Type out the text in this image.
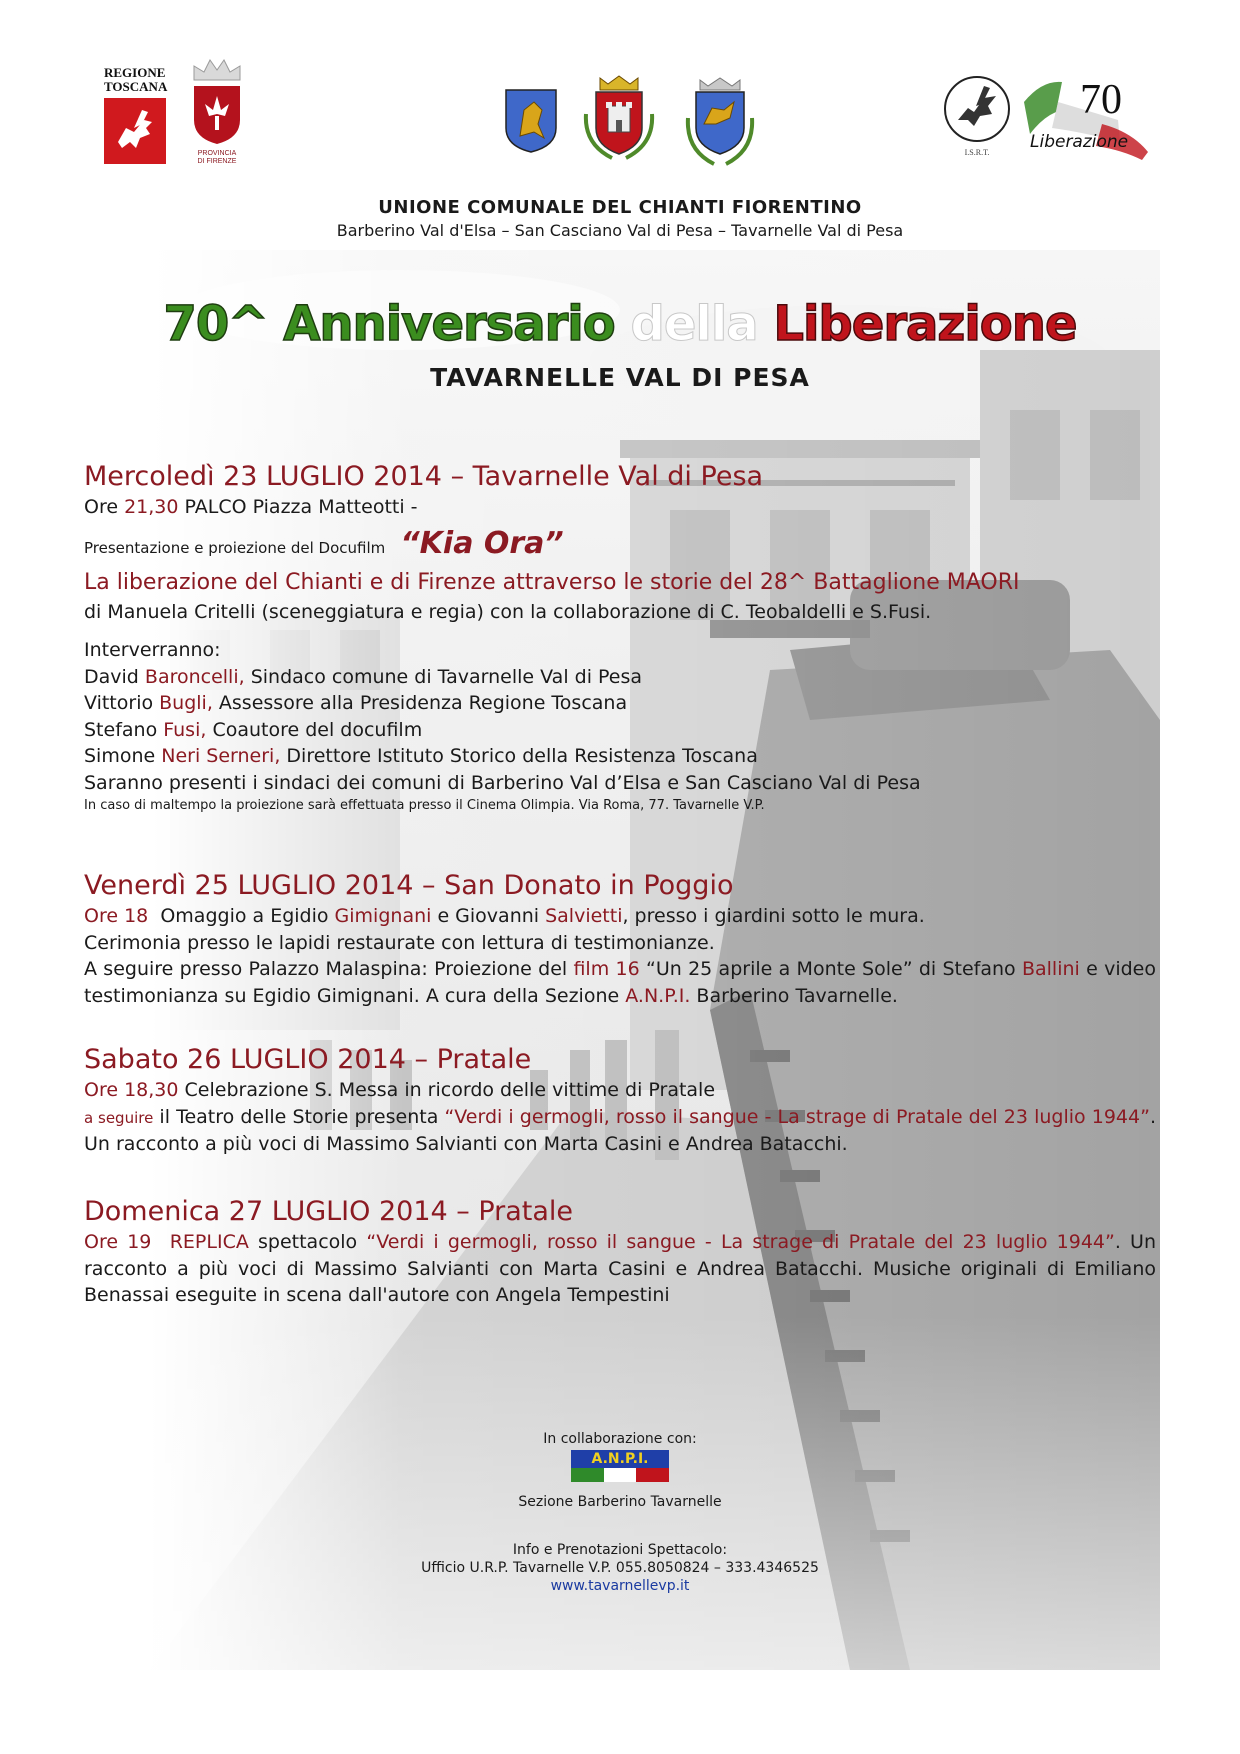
REGIONE
TOSCANA

PROVINCIA
DI FIRENZE
I.S.R.T.
70
Liberazione
UNIONE COMUNALE DEL CHIANTI FIORENTINO
Barberino Val d'Elsa – San Casciano Val di Pesa – Tavarnelle Val di Pesa
70^ Anniversario della Liberazione
TAVARNELLE VAL DI PESA
Mercoledì 23 LUGLIO 2014 – Tavarnelle Val di Pesa
Ore 21,30 PALCO Piazza Matteotti -
Presentazione e proiezione del Docufilm “Kia Ora”
La liberazione del Chianti e di Firenze attraverso le storie del 28^ Battaglione MAORI
di Manuela Critelli (sceneggiatura e regia) con la collaborazione di C. Teobaldelli e S.Fusi.
Interverranno:
David Baroncelli, Sindaco comune di Tavarnelle Val di Pesa
Vittorio Bugli, Assessore alla Presidenza Regione Toscana
Stefano Fusi, Coautore del docufilm
Simone Neri Serneri, Direttore Istituto Storico della Resistenza Toscana
Saranno presenti i sindaci dei comuni di Barberino Val d’Elsa e San Casciano Val di Pesa
In caso di maltempo la proiezione sarà effettuata presso il Cinema Olimpia. Via Roma, 77. Tavarnelle V.P.
Venerdì 25 LUGLIO 2014 – San Donato in Poggio
Ore 18  Omaggio a Egidio Gimignani e Giovanni Salvietti, presso i giardini sotto le mura.
Cerimonia presso le lapidi restaurate con lettura di testimonianze.
A seguire presso Palazzo Malaspina: Proiezione del film 16 “Un 25 aprile a Monte Sole” di Stefano Ballini e video testimonianza su Egidio Gimignani. A cura della Sezione A.N.P.I. Barberino Tavarnelle.
Sabato 26 LUGLIO 2014 – Pratale
Ore 18,30 Celebrazione S. Messa in ricordo delle vittime di Pratale
a seguire il Teatro delle Storie presenta “Verdi i germogli, rosso il sangue - La strage di Pratale del 23 luglio 1944”. Un racconto a più voci di Massimo Salvianti con Marta Casini e Andrea Batacchi.
Domenica 27 LUGLIO 2014 – Pratale
Ore 19  REPLICA spettacolo “Verdi i germogli, rosso il sangue - La strage di Pratale del 23 luglio 1944”. Un racconto a più voci di Massimo Salvianti con Marta Casini e Andrea Batacchi. Musiche originali di Emiliano Benassai eseguite in scena dall'autore con Angela Tempestini
In collaborazione con:
A.N.P.I.
Sezione Barberino Tavarnelle
Info e Prenotazioni Spettacolo:
Ufficio U.R.P. Tavarnelle V.P. 055.8050824 – 333.4346525
www.tavarnellevp.it
